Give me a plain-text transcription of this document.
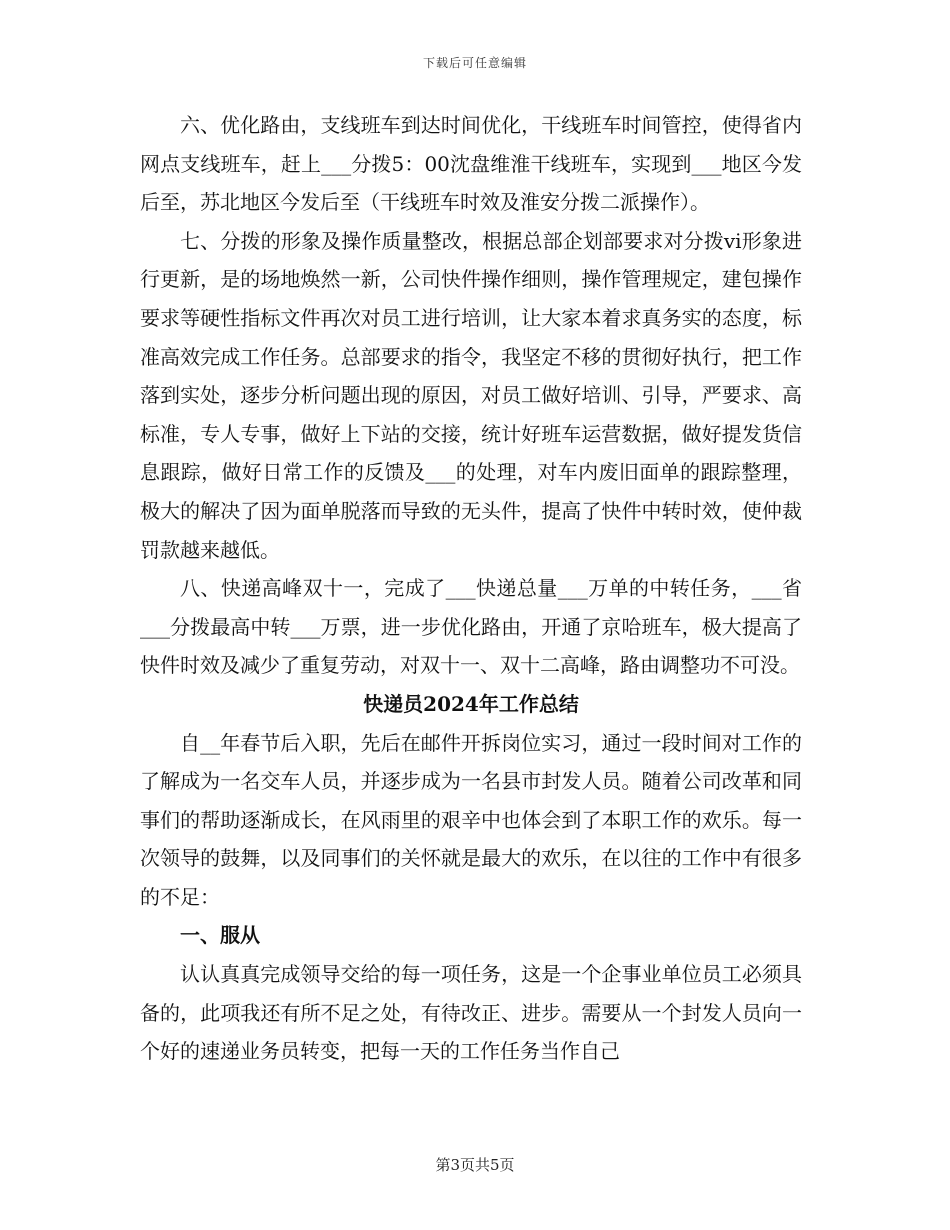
下载后可任意编辑

六、优化路由，支线班车到达时间优化，干线班车时间管控，使得省内网点支线班车，赶上___分拨5：00沈盘维淮干线班车，实现到___地区今发后至，苏北地区今发后至（干线班车时效及淮安分拨二派操作）。

七、分拨的形象及操作质量整改，根据总部企划部要求对分拨vi形象进行更新，是的场地焕然一新，公司快件操作细则，操作管理规定，建包操作要求等硬性指标文件再次对员工进行培训，让大家本着求真务实的态度，标准高效完成工作任务。总部要求的指令，我坚定不移的贯彻好执行，把工作落到实处，逐步分析问题出现的原因，对员工做好培训、引导，严要求、高标准，专人专事，做好上下站的交接，统计好班车运营数据，做好提发货信息跟踪，做好日常工作的反馈及___的处理，对车内废旧面单的跟踪整理，极大的解决了因为面单脱落而导致的无头件，提高了快件中转时效，使仲裁罚款越来越低。

八、快递高峰双十一，完成了___快递总量___万单的中转任务，___省___分拨最高中转___万票，进一步优化路由，开通了京哈班车，极大提高了快件时效及减少了重复劳动，对双十一、双十二高峰，路由调整功不可没。

快递员2024年工作总结

自__年春节后入职，先后在邮件开拆岗位实习，通过一段时间对工作的了解成为一名交车人员，并逐步成为一名县市封发人员。随着公司改革和同事们的帮助逐渐成长，在风雨里的艰辛中也体会到了本职工作的欢乐。每一次领导的鼓舞，以及同事们的关怀就是最大的欢乐，在以往的工作中有很多的不足：

一、服从

认认真真完成领导交给的每一项任务，这是一个企事业单位员工必须具备的，此项我还有所不足之处，有待改正、进步。需要从一个封发人员向一个好的速递业务员转变，把每一天的工作任务当作自己

第3页共5页
